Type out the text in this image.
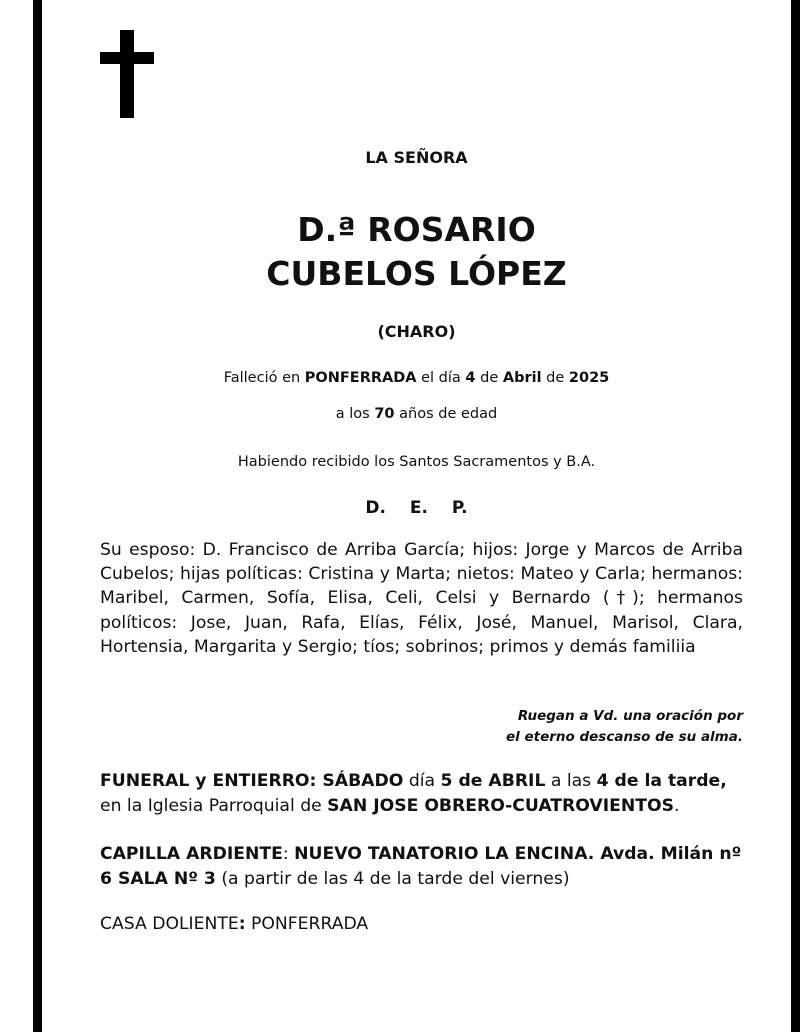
LA SEÑORA
D.ª ROSARIO
CUBELOS LÓPEZ
(CHARO)
Falleció en PONFERRADA el día 4 de Abril de 2025
a los 70 años de edad
Habiendo recibido los Santos Sacramentos y B.A.
D. E. P.
Su esposo: D. Francisco de Arriba García; hijos: Jorge y Marcos de Arriba Cubelos; hijas políticas: Cristina y Marta; nietos: Mateo y Carla; hermanos: Maribel, Carmen, Sofía, Elisa, Celi, Celsi y Bernardo (†); hermanos políticos: Jose, Juan, Rafa, Elías, Félix, José, Manuel, Marisol, Clara, Hortensia, Margarita y Sergio; tíos; sobrinos; primos y demás familiia
Ruegan a Vd. una oración por
el eterno descanso de su alma.
FUNERAL y ENTIERRO: SÁBADO día 5 de ABRIL a las 4 de la tarde, en la Iglesia Parroquial de SAN JOSE OBRERO-CUATROVIENTOS.
CAPILLA ARDIENTE: NUEVO TANATORIO LA ENCINA. Avda. Milán nº 6 SALA Nº 3 (a partir de las 4 de la tarde del viernes)
CASA DOLIENTE: PONFERRADA
